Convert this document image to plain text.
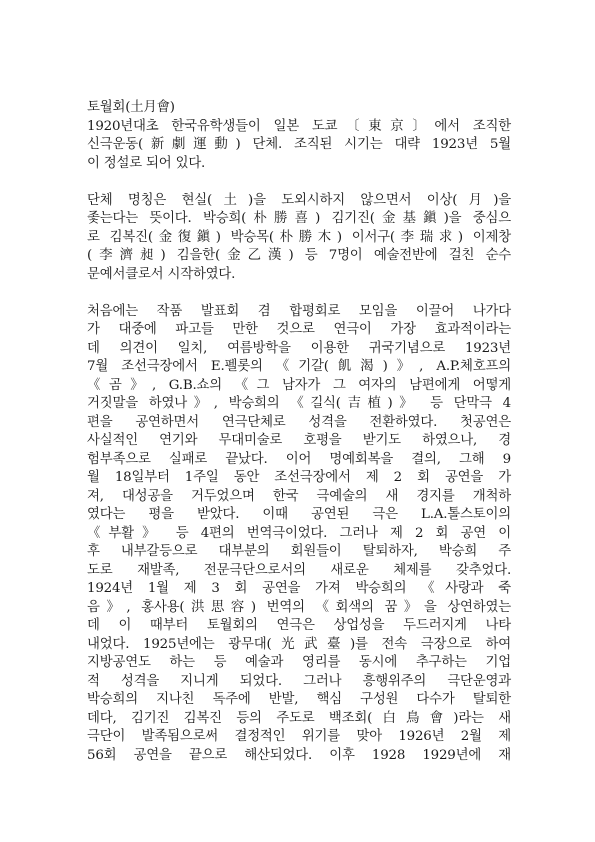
토월회(土月會)
1920년대초 한국유학생들이 일본 도쿄〔東京〕에서 조직한
신극운동(新劇運動) 단체. 조직된 시기는 대략 1923년 5월
이 정설로 되어 있다.
단체 명칭은 현실(土)을 도외시하지 않으면서 이상(月)을
좇는다는 뜻이다. 박승희(朴勝喜) 김기진(金基鎭)을 중심으
로 김복진(金復鎭) 박승목(朴勝木) 이서구(李瑞求) 이제창
(李濟昶) 김을한(金乙漢) 등 7명이 예술전반에 걸친 순수
문예서클로서 시작하였다.
처음에는 작품 발표회 겸 합평회로 모임을 이끌어 나가다
가 대중에 파고들 만한 것으로 연극이 가장 효과적이라는
데 의견이 일치, 여름방학을 이용한 귀국기념으로 1923년
7월 조선극장에서 E.펠롯의 《기갈(飢渴)》, A.P.체호프의
《곰》, G.B.쇼의 《그 남자가 그 여자의 남편에게 어떻게
거짓말을 하였나》, 박승희의 《길식(吉植)》 등 단막극 4
편을 공연하면서 연극단체로 성격을 전환하였다. 첫공연은
사실적인 연기와 무대미술로 호평을 받기도 하였으나, 경
험부족으로 실패로 끝났다. 이어 명예회복을 결의, 그해 9
월 18일부터 1주일 동안 조선극장에서 제 2 회 공연을 가
져, 대성공을 거두었으며 한국 극예술의 새 경지를 개척하
였다는 평을 받았다. 이때 공연된 극은 L.A.톨스토이의
《부활》 등 4편의 번역극이었다. 그러나 제 2 회 공연 이
후 내부갈등으로 대부분의 회원들이 탈퇴하자, 박승희 주
도로 재발족, 전문극단으로서의 새로운 체제를 갖추었다.
1924년 1월 제 3 회 공연을 가져 박승희의 《사랑과 죽
음》, 홍사용(洪思容) 번역의 《회색의 꿈》을 상연하였는
데 이 때부터 토월회의 연극은 상업성을 두드러지게 나타
내었다. 1925년에는 광무대(光武臺)를 전속 극장으로 하여
지방공연도 하는 등 예술과 영리를 동시에 추구하는 기업
적 성격을 지니게 되었다. 그러나 흥행위주의 극단운영과
박승희의 지나친 독주에 반발, 핵심 구성원 다수가 탈퇴한
데다, 김기진 김복진 등의 주도로 백조회(白鳥會)라는 새
극단이 발족됨으로써 결정적인 위기를 맞아 1926년 2월 제
56회 공연을 끝으로 해산되었다. 이후 1928 1929년에 재
